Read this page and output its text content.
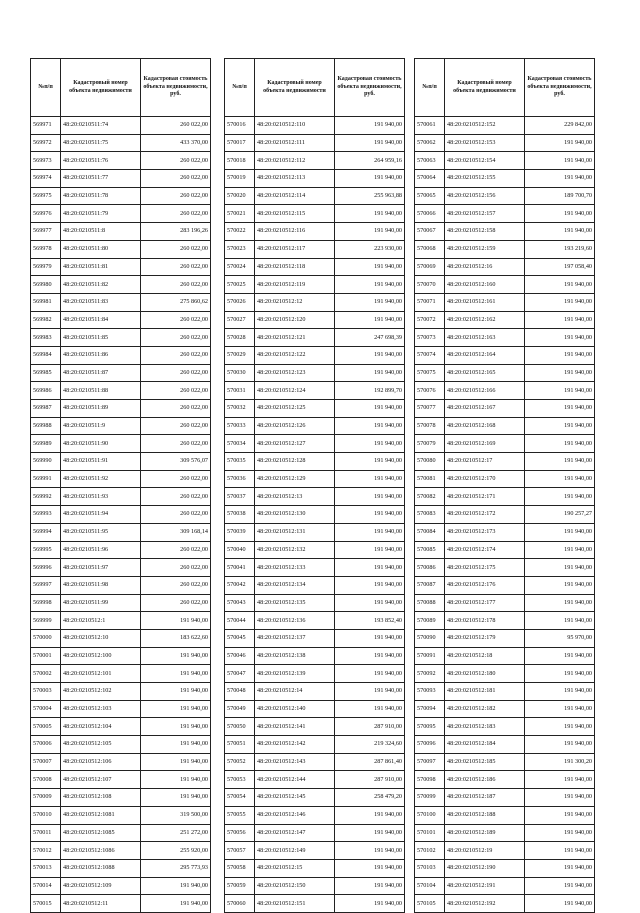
№п/п	Кадастровый номер объекта недвижимости	Кадастровая стоимость объекта недвижимости, руб.
569971	48:20:0210511:74	260 022,00
569972	48:20:0210511:75	433 370,00
569973	48:20:0210511:76	260 022,00
569974	48:20:0210511:77	260 022,00
569975	48:20:0210511:78	260 022,00
569976	48:20:0210511:79	260 022,00
569977	48:20:0210511:8	283 196,26
569978	48:20:0210511:80	260 022,00
569979	48:20:0210511:81	260 022,00
569980	48:20:0210511:82	260 022,00
569981	48:20:0210511:83	275 860,62
569982	48:20:0210511:84	260 022,00
569983	48:20:0210511:85	260 022,00
569984	48:20:0210511:86	260 022,00
569985	48:20:0210511:87	260 022,00
569986	48:20:0210511:88	260 022,00
569987	48:20:0210511:89	260 022,00
569988	48:20:0210511:9	260 022,00
569989	48:20:0210511:90	260 022,00
569990	48:20:0210511:91	309 576,07
569991	48:20:0210511:92	260 022,00
569992	48:20:0210511:93	260 022,00
569993	48:20:0210511:94	260 022,00
569994	48:20:0210511:95	309 168,14
569995	48:20:0210511:96	260 022,00
569996	48:20:0210511:97	260 022,00
569997	48:20:0210511:98	260 022,00
569998	48:20:0210511:99	260 022,00
569999	48:20:0210512:1	191 940,00
570000	48:20:0210512:10	183 622,60
570001	48:20:0210512:100	191 940,00
570002	48:20:0210512:101	191 940,00
570003	48:20:0210512:102	191 940,00
570004	48:20:0210512:103	191 940,00
570005	48:20:0210512:104	191 940,00
570006	48:20:0210512:105	191 940,00
570007	48:20:0210512:106	191 940,00
570008	48:20:0210512:107	191 940,00
570009	48:20:0210512:108	191 940,00
570010	48:20:0210512:1081	319 500,00
570011	48:20:0210512:1085	251 272,00
570012	48:20:0210512:1086	255 920,00
570013	48:20:0210512:1088	295 773,93
570014	48:20:0210512:109	191 940,00
570015	48:20:0210512:11	191 940,00
№п/п	Кадастровый номер объекта недвижимости	Кадастровая стоимость объекта недвижимости, руб.
570016	48:20:0210512:110	191 940,00
570017	48:20:0210512:111	191 940,00
570018	48:20:0210512:112	264 959,16
570019	48:20:0210512:113	191 940,00
570020	48:20:0210512:114	255 963,88
570021	48:20:0210512:115	191 940,00
570022	48:20:0210512:116	191 940,00
570023	48:20:0210512:117	223 930,00
570024	48:20:0210512:118	191 940,00
570025	48:20:0210512:119	191 940,00
570026	48:20:0210512:12	191 940,00
570027	48:20:0210512:120	191 940,00
570028	48:20:0210512:121	247 698,39
570029	48:20:0210512:122	191 940,00
570030	48:20:0210512:123	191 940,00
570031	48:20:0210512:124	192 899,70
570032	48:20:0210512:125	191 940,00
570033	48:20:0210512:126	191 940,00
570034	48:20:0210512:127	191 940,00
570035	48:20:0210512:128	191 940,00
570036	48:20:0210512:129	191 940,00
570037	48:20:0210512:13	191 940,00
570038	48:20:0210512:130	191 940,00
570039	48:20:0210512:131	191 940,00
570040	48:20:0210512:132	191 940,00
570041	48:20:0210512:133	191 940,00
570042	48:20:0210512:134	191 940,00
570043	48:20:0210512:135	191 940,00
570044	48:20:0210512:136	193 852,40
570045	48:20:0210512:137	191 940,00
570046	48:20:0210512:138	191 940,00
570047	48:20:0210512:139	191 940,00
570048	48:20:0210512:14	191 940,00
570049	48:20:0210512:140	191 940,00
570050	48:20:0210512:141	287 910,00
570051	48:20:0210512:142	219 324,60
570052	48:20:0210512:143	287 861,40
570053	48:20:0210512:144	287 910,00
570054	48:20:0210512:145	258 479,20
570055	48:20:0210512:146	191 940,00
570056	48:20:0210512:147	191 940,00
570057	48:20:0210512:149	191 940,00
570058	48:20:0210512:15	191 940,00
570059	48:20:0210512:150	191 940,00
570060	48:20:0210512:151	191 940,00
№п/п	Кадастровый номер объекта недвижимости	Кадастровая стоимость объекта недвижимости, руб.
570061	48:20:0210512:152	229 842,00
570062	48:20:0210512:153	191 940,00
570063	48:20:0210512:154	191 940,00
570064	48:20:0210512:155	191 940,00
570065	48:20:0210512:156	189 700,70
570066	48:20:0210512:157	191 940,00
570067	48:20:0210512:158	191 940,00
570068	48:20:0210512:159	193 219,60
570069	48:20:0210512:16	197 058,40
570070	48:20:0210512:160	191 940,00
570071	48:20:0210512:161	191 940,00
570072	48:20:0210512:162	191 940,00
570073	48:20:0210512:163	191 940,00
570074	48:20:0210512:164	191 940,00
570075	48:20:0210512:165	191 940,00
570076	48:20:0210512:166	191 940,00
570077	48:20:0210512:167	191 940,00
570078	48:20:0210512:168	191 940,00
570079	48:20:0210512:169	191 940,00
570080	48:20:0210512:17	191 940,00
570081	48:20:0210512:170	191 940,00
570082	48:20:0210512:171	191 940,00
570083	48:20:0210512:172	190 257,27
570084	48:20:0210512:173	191 940,00
570085	48:20:0210512:174	191 940,00
570086	48:20:0210512:175	191 940,00
570087	48:20:0210512:176	191 940,00
570088	48:20:0210512:177	191 940,00
570089	48:20:0210512:178	191 940,00
570090	48:20:0210512:179	95 970,00
570091	48:20:0210512:18	191 940,00
570092	48:20:0210512:180	191 940,00
570093	48:20:0210512:181	191 940,00
570094	48:20:0210512:182	191 940,00
570095	48:20:0210512:183	191 940,00
570096	48:20:0210512:184	191 940,00
570097	48:20:0210512:185	191 300,20
570098	48:20:0210512:186	191 940,00
570099	48:20:0210512:187	191 940,00
570100	48:20:0210512:188	191 940,00
570101	48:20:0210512:189	191 940,00
570102	48:20:0210512:19	191 940,00
570103	48:20:0210512:190	191 940,00
570104	48:20:0210512:191	191 940,00
570105	48:20:0210512:192	191 940,00
